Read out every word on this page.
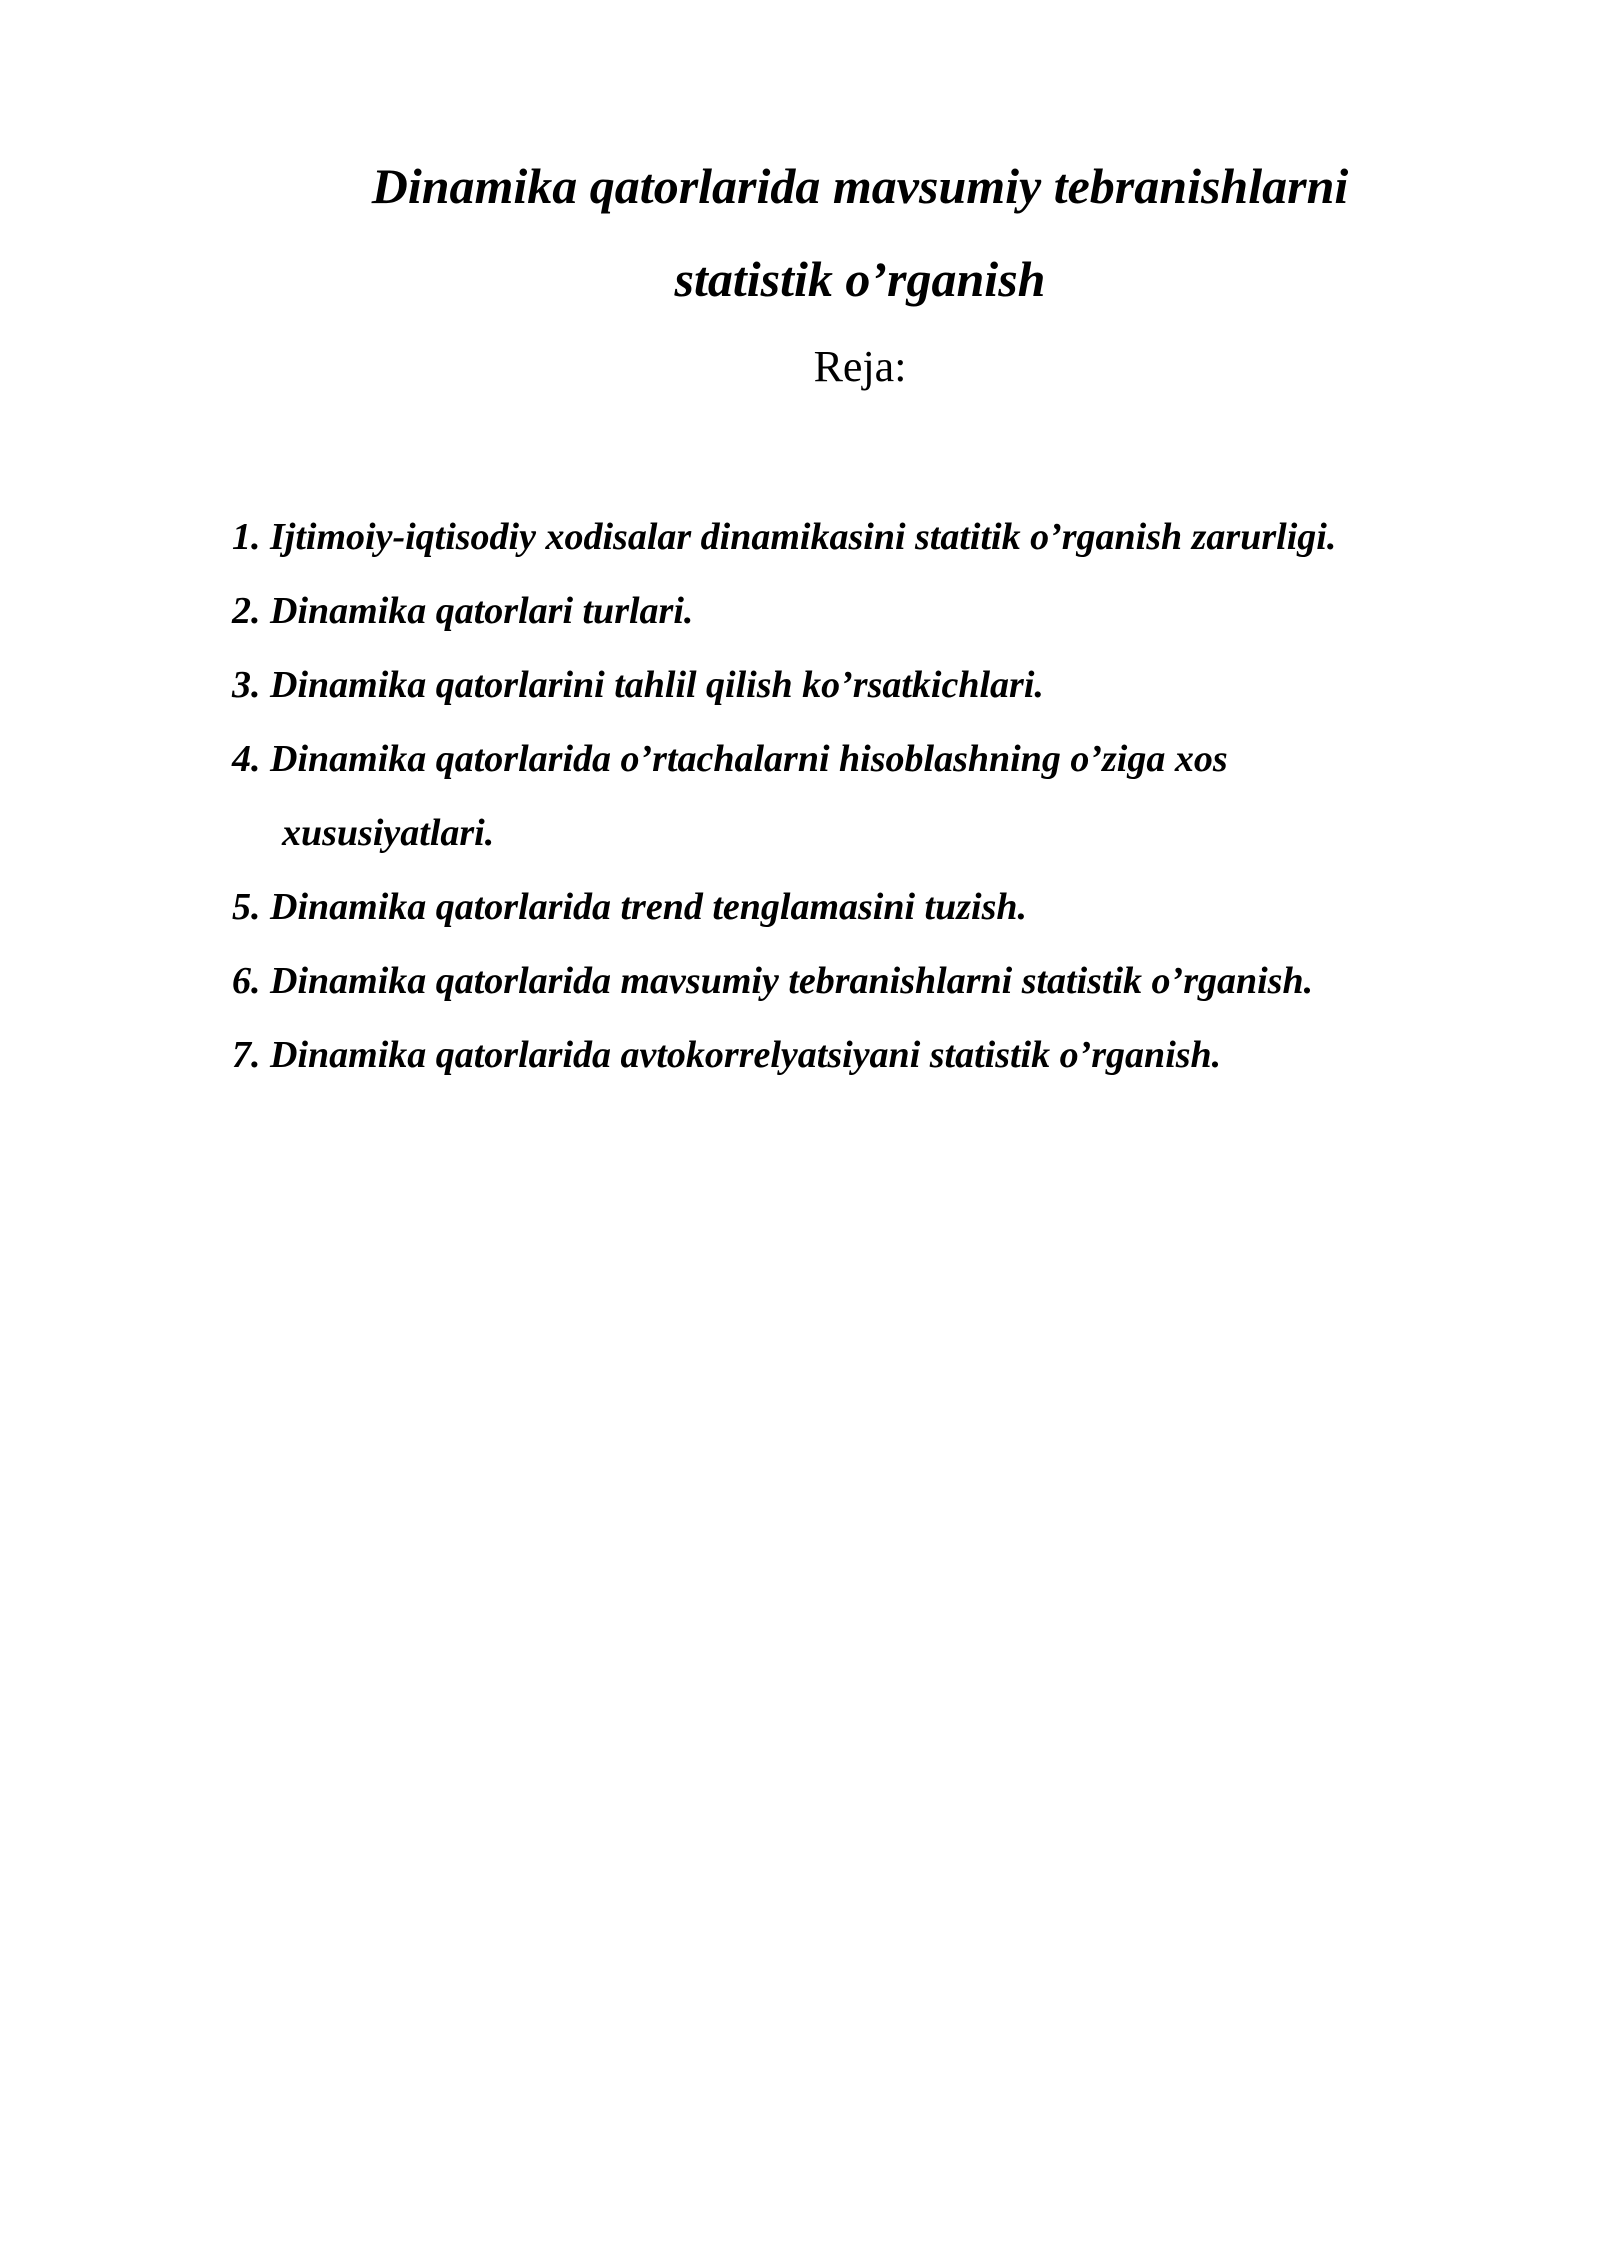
Dinamika qatorlarida mavsumiy tebranishlarni
statistik o’rganish

Reja:

1. Ijtimoiy-iqtisodiy xodisalar dinamikasini statitik o’rganish zarurligi.
2. Dinamika qatorlari turlari.
3. Dinamika qatorlarini tahlil qilish ko’rsatkichlari.
4. Dinamika qatorlarida o’rtachalarni hisoblashning o’ziga xos
xususiyatlari.
5. Dinamika qatorlarida trend tenglamasini tuzish.
6. Dinamika qatorlarida mavsumiy tebranishlarni statistik o’rganish.
7. Dinamika qatorlarida avtokorrelyatsiyani statistik o’rganish.
